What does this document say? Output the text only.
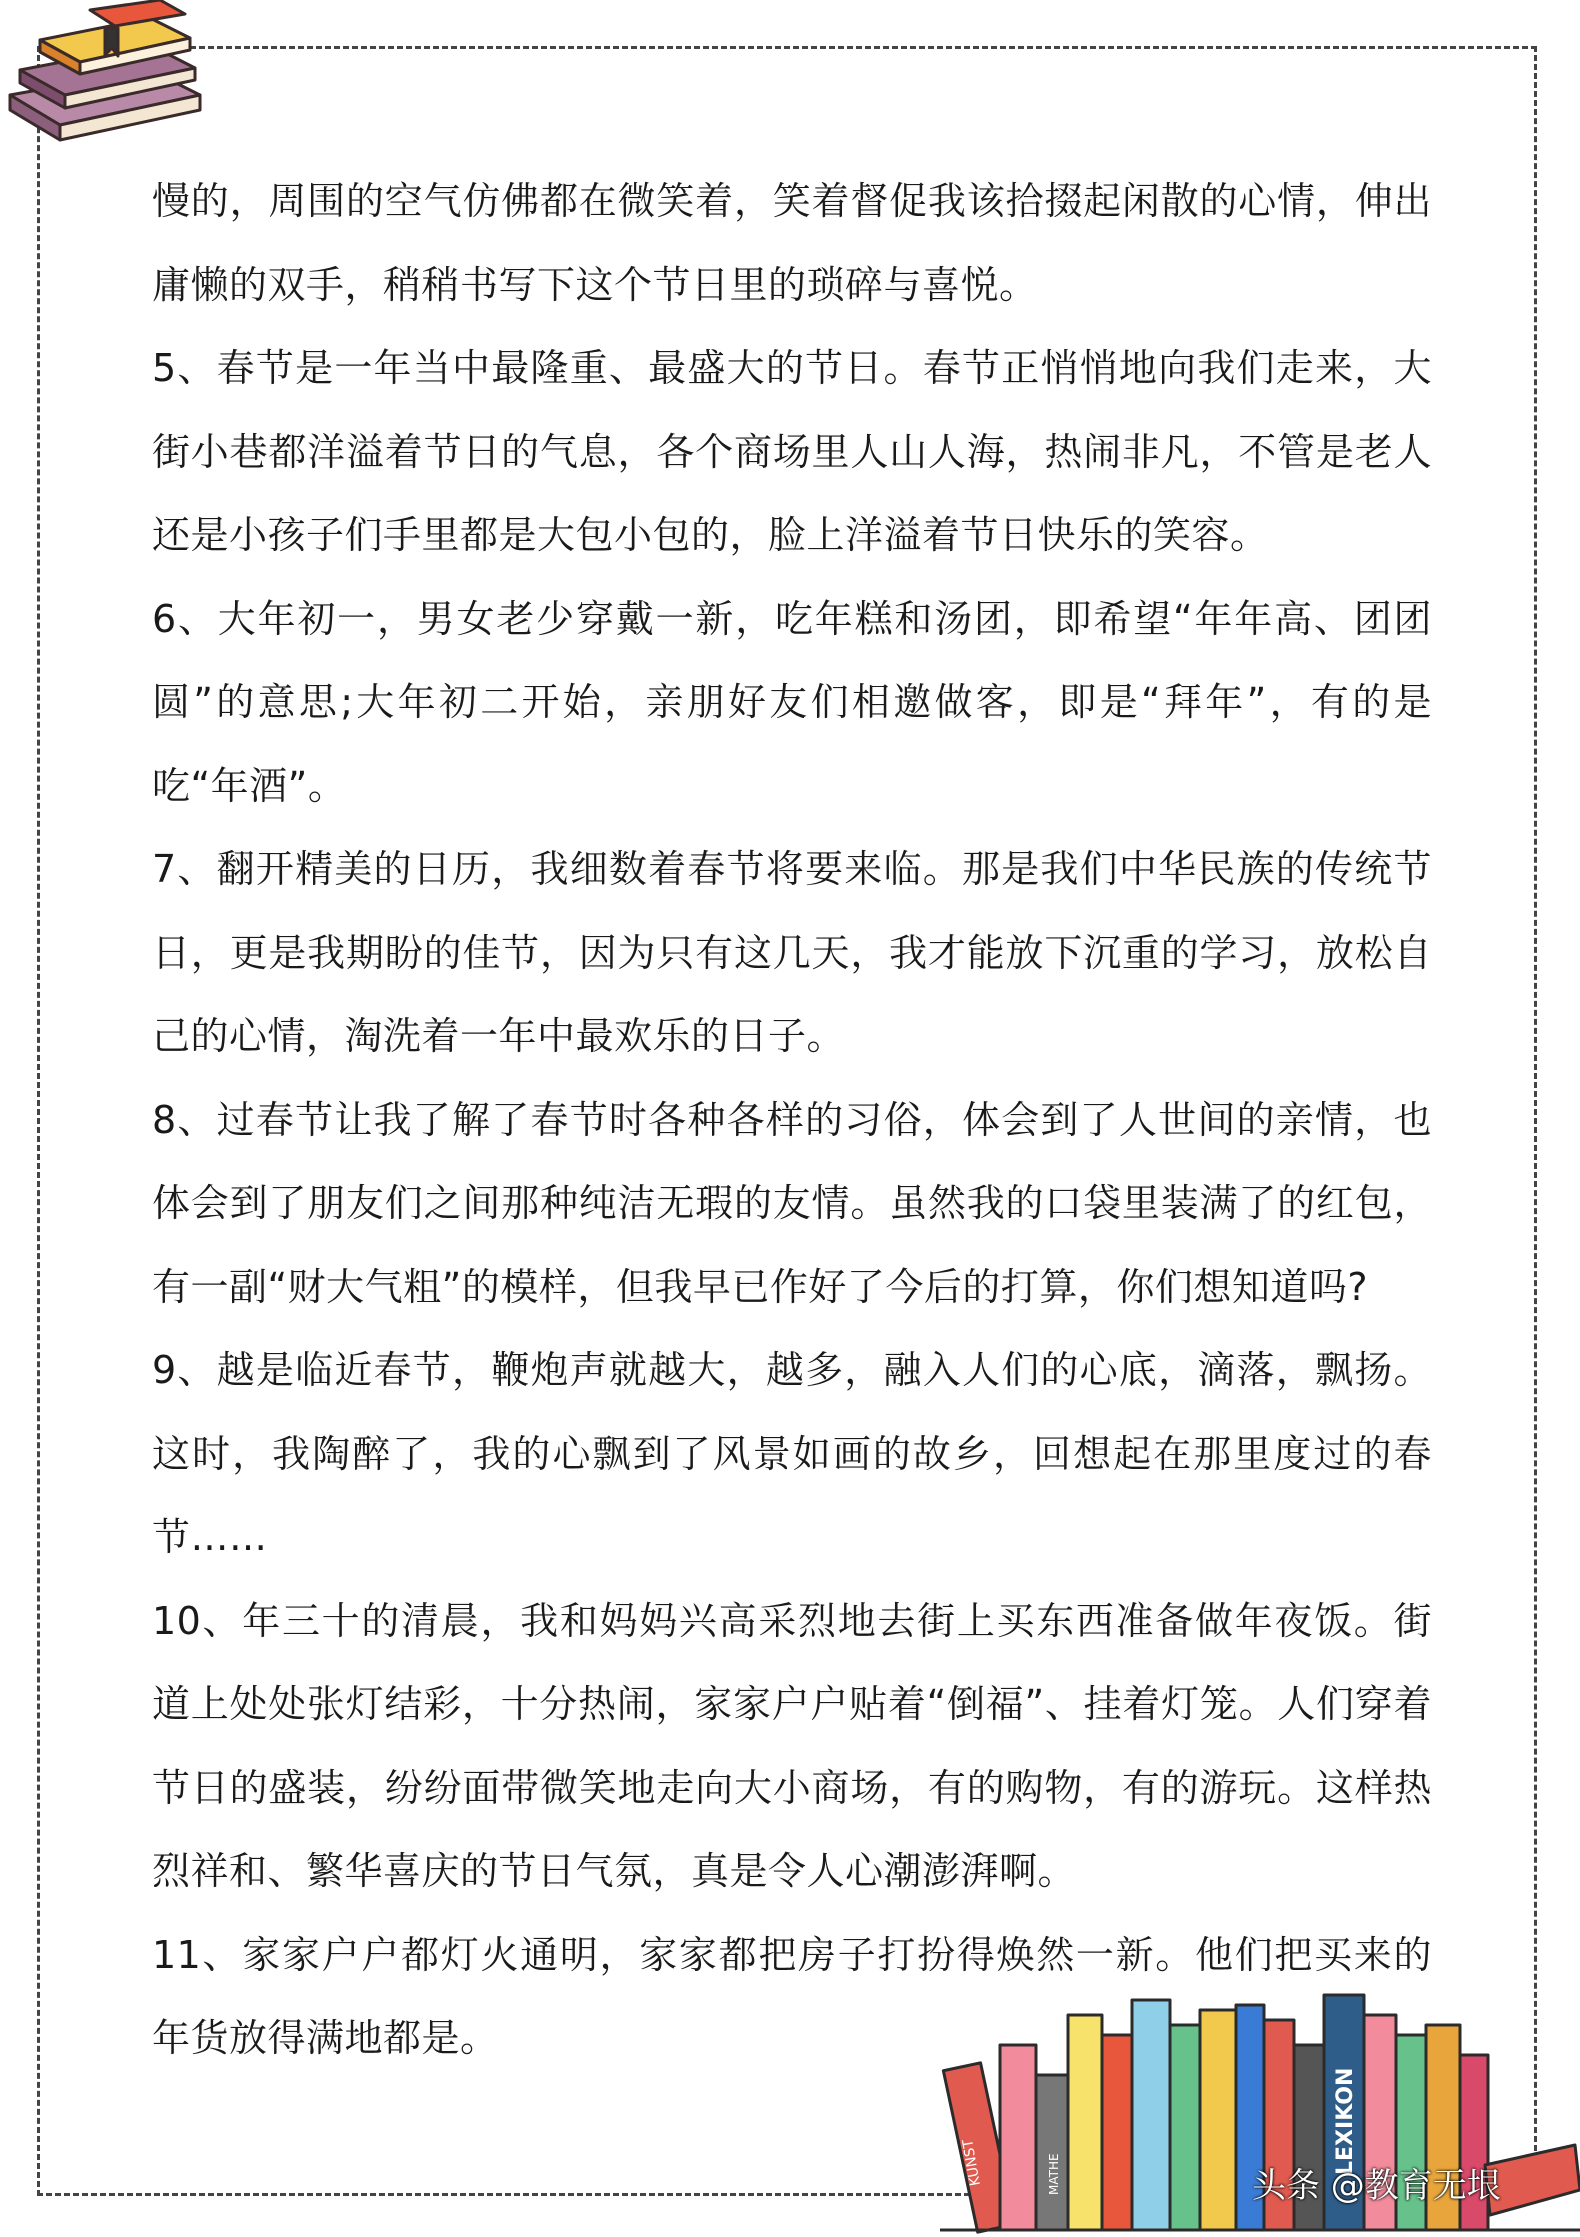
慢的，周围的空气仿佛都在微笑着，笑着督促我该拾掇起闲散的心情，伸出庸懒的双手，稍稍书写下这个节日里的琐碎与喜悦。

5、春节是一年当中最隆重、最盛大的节日。春节正悄悄地向我们走来，大街小巷都洋溢着节日的气息，各个商场里人山人海，热闹非凡，不管是老人还是小孩子们手里都是大包小包的，脸上洋溢着节日快乐的笑容。

6、大年初一，男女老少穿戴一新，吃年糕和汤团，即希望“年年高、团团圆”的意思;大年初二开始，亲朋好友们相邀做客，即是“拜年”，有的是吃“年酒”。

7、翻开精美的日历，我细数着春节将要来临。那是我们中华民族的传统节日，更是我期盼的佳节，因为只有这几天，我才能放下沉重的学习，放松自己的心情，淘洗着一年中最欢乐的日子。

8、过春节让我了解了春节时各种各样的习俗，体会到了人世间的亲情，也体会到了朋友们之间那种纯洁无瑕的友情。虽然我的口袋里装满了的红包，有一副“财大气粗”的模样，但我早已作好了今后的打算，你们想知道吗?

9、越是临近春节，鞭炮声就越大，越多，融入人们的心底，滴落，飘扬。这时，我陶醉了，我的心飘到了风景如画的故乡，回想起在那里度过的春节……

10、年三十的清晨，我和妈妈兴高采烈地去街上买东西准备做年夜饭。街道上处处张灯结彩，十分热闹，家家户户贴着“倒福”、挂着灯笼。人们穿着节日的盛装，纷纷面带微笑地走向大小商场，有的购物，有的游玩。这样热烈祥和、繁华喜庆的节日气氛，真是令人心潮澎湃啊。

11、家家户户都灯火通明，家家都把房子打扮得焕然一新。他们把买来的年货放得满地都是。

KUNST	MATHE	LEXIKON
头条 @教育无垠
